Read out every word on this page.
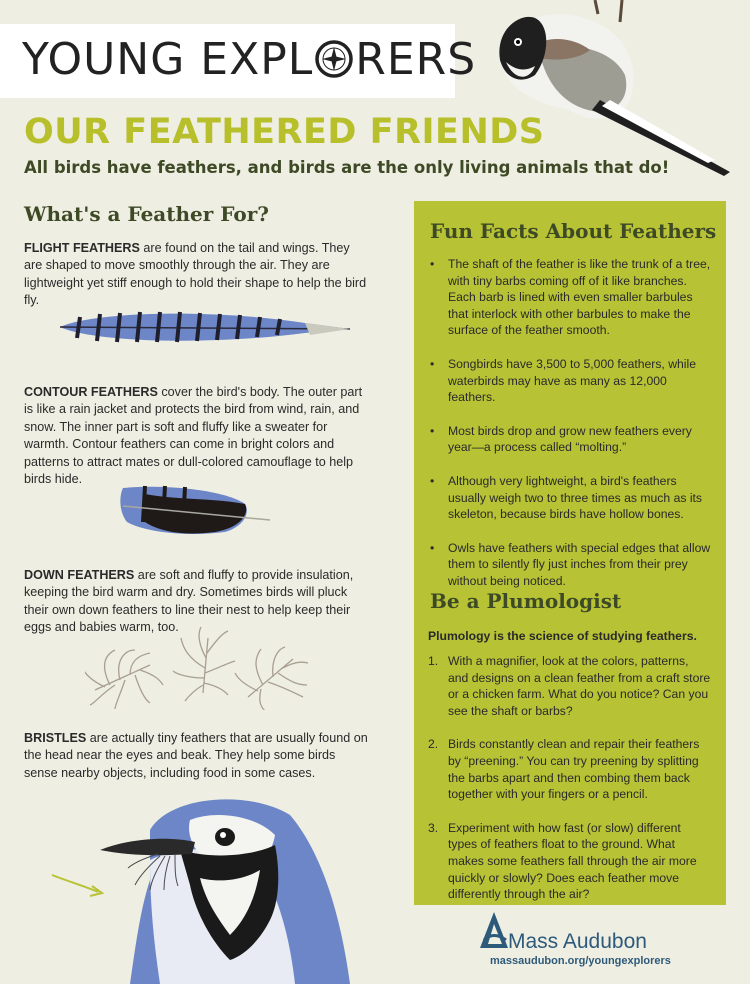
YOUNG EXPL RERS
OUR FEATHERED FRIENDS
All birds have feathers, and birds are the only living animals that do!
What's a Feather For?
FLIGHT FEATHERS are found on the tail and wings. They are shaped to move smoothly through the air. They are lightweight yet stiff enough to hold their shape to help the bird fly.
CONTOUR FEATHERS cover the bird's body. The outer part is like a rain jacket and protects the bird from wind, rain, and snow. The inner part is soft and fluffy like a sweater for warmth. Contour feathers can come in bright colors and patterns to attract mates or dull-colored camouflage to help birds hide.
DOWN FEATHERS are soft and fluffy to provide insulation, keeping the bird warm and dry. Sometimes birds will pluck their own down feathers to line their nest to help keep their eggs and babies warm, too.
BRISTLES are actually tiny feathers that are usually found on the head near the eyes and beak. They help some birds sense nearby objects, including food in some cases.
Fun Facts About Feathers
• The shaft of the feather is like the trunk of a tree, with tiny barbs coming off of it like branches. Each barb is lined with even smaller barbules that interlock with other barbules to make the surface of the feather smooth.
• Songbirds have 3,500 to 5,000 feathers, while waterbirds may have as many as 12,000 feathers.
• Most birds drop and grow new feathers every year—a process called “molting.”
• Although very lightweight, a bird's feathers usually weigh two to three times as much as its skeleton, because birds have hollow bones.
• Owls have feathers with special edges that allow them to silently fly just inches from their prey without being noticed.
Be a Plumologist
Plumology is the science of studying feathers.
1. With a magnifier, look at the colors, patterns, and designs on a clean feather from a craft store or a chicken farm. What do you notice? Can you see the shaft or barbs?
2. Birds constantly clean and repair their feathers by “preening.” You can try preening by splitting the barbs apart and then combing them back together with your fingers or a pencil.
3. Experiment with how fast (or slow) different types of feathers float to the ground. What makes some feathers fall through the air more quickly or slowly? Does each feather move differently through the air?
Mass Audubon
massaudubon.org/youngexplorers
